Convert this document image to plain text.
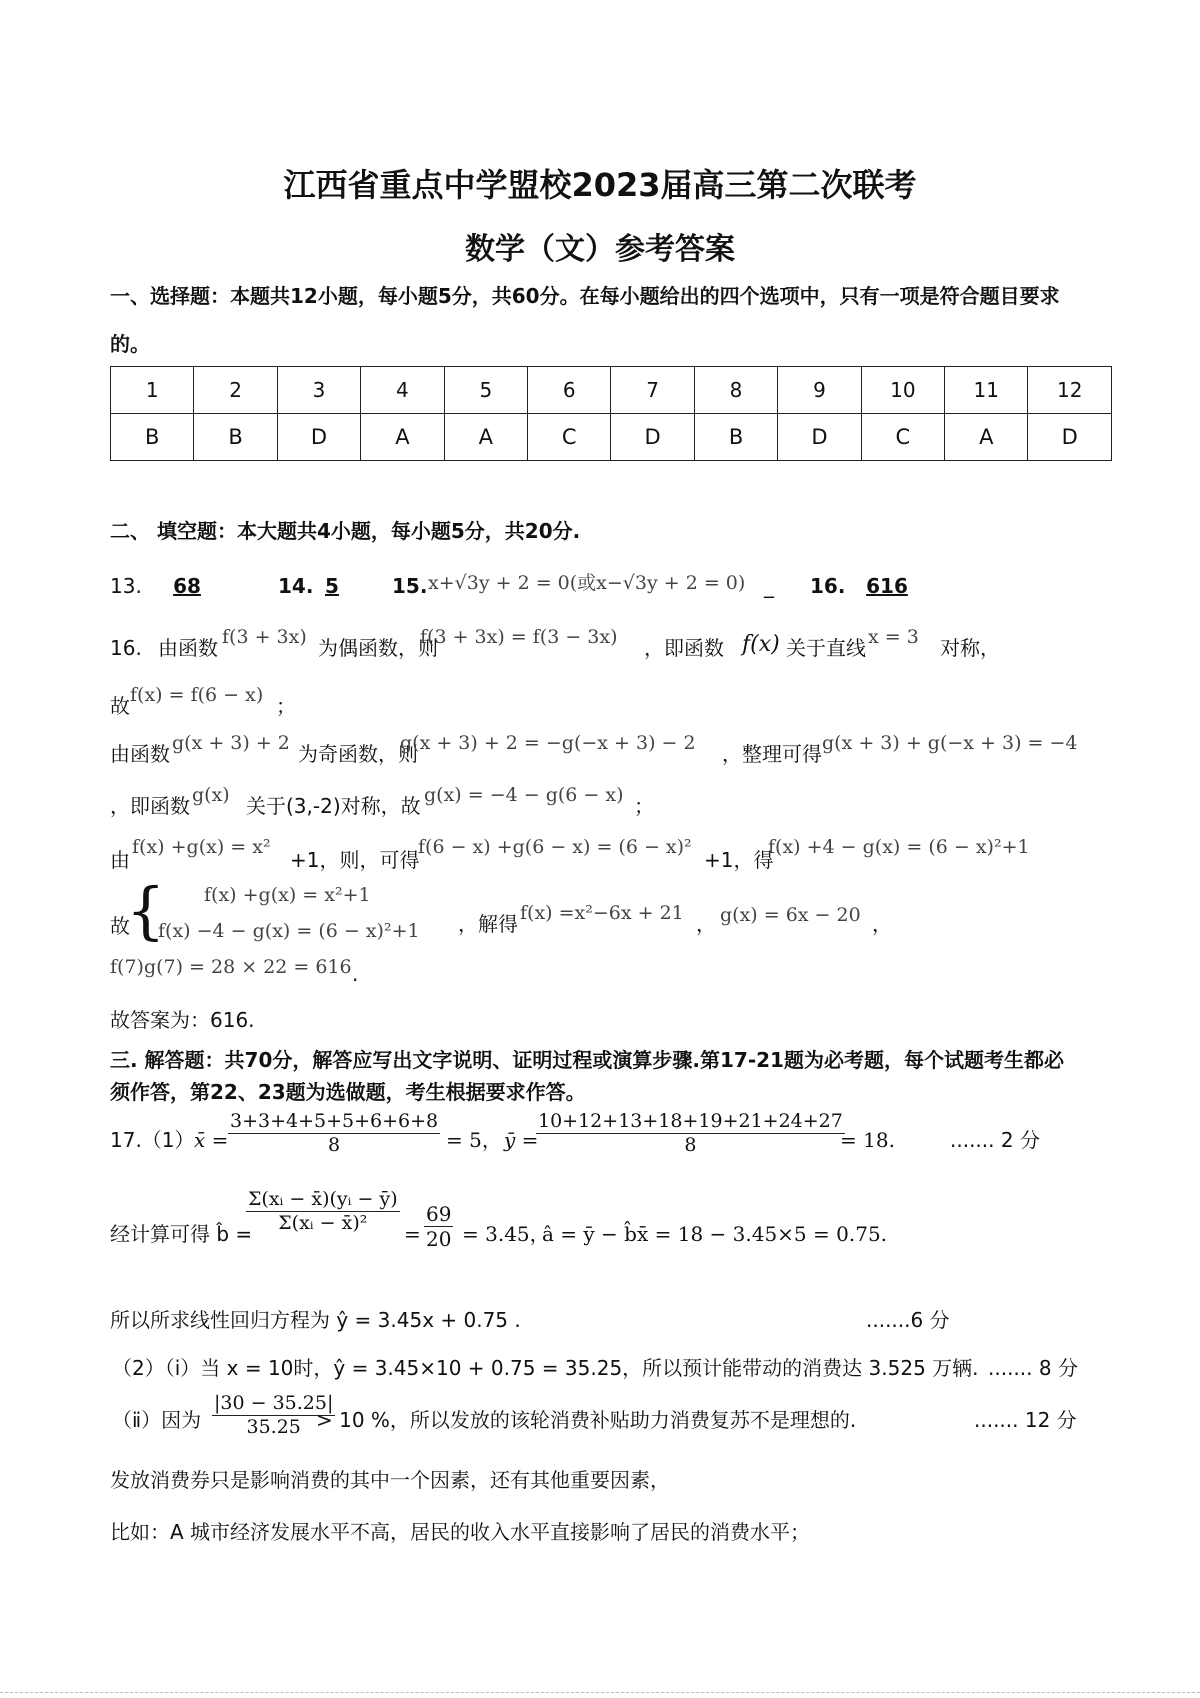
江西省重点中学盟校2023届高三第二次联考
数学（文）参考答案
一、选择题：本题共12小题，每小题5分，共60分。在每小题给出的四个选项中，只有一项是符合题目要求
的。
1	2	3	4	5	6	7	8	9	10	11	12
B	B	D	A	A	C	D	B	D	C	A	D
二、 填空题：本大题共4小题，每小题5分，共20分.
13.	68	14. 5	15. x+√3y + 2 = 0(或x−√3y + 2 = 0) _ 16.	616
16. 由函数 f(3 + 3x) 为偶函数，则
f(3 + 3x) = f(3 − 3x) ，即函数 f(x) 关于直线 x = 3 对称，
故 f(x) = f(6 − x) ；
由函数 g(x + 3) + 2 为奇函数，则
g(x + 3) + 2 = −g(−x + 3) − 2 ，整理可得 g(x + 3) + g(−x + 3) = −4
，即函数 g(x) 关于(3,-2)对称，故 g(x) = −4 − g(6 − x) ；
由
f(x) +g(x) = x²
+1，则，可得
f(6 − x) +g(6 − x) = (6 − x)²
+1，得
f(x) +4 − g(x) = (6 − x)²+1
故
{ f(x) +g(x) = x²+1
f(x) −4 − g(x) = (6 − x)²+1 ，解得 f(x) =x²−6x + 21 ， g(x) = 6x − 20 ，
f(7)g(7) = 28 × 22 = 616 .
故答案为：616.
三. 解答题：共70分，解答应写出文字说明、证明过程或演算步骤.第17-21题为必考题，每个试题考生都必
须作答，第22、23题为选做题，考生根据要求作答。
17.（1） x̄ = $\frac{3+3+4+5+5+6+6+8}{8} = 5$， ȳ =
$\frac{10+12+13+18+19+21+24+27}{8}$
= 18.	....... 2 分
经计算可得 b̂ =
$\frac{\text{Σ(xᵢ − x̄)(yᵢ − ȳ)}}{\text{Σ(xᵢ − x̄)²}} = \frac{69}{20} = 3.45$，
â = ȳ − b̂x̄ = 18 − 3.45×5 = 0.75.
所以所求线性回归方程为 ŷ = 3.45x + 0.75 .	.......6 分
（2）（ⅰ）当 x = 10时，ŷ = 3.45×10 + 0.75 = 35.25，所以预计能带动的消费达 3.525 万辆. ....... 8 分
（ⅱ）因为 $\frac{|30 - 35.25|}{35.25}$
> 10 %，所以发放的该轮消费补贴助力消费复苏不是理想的.	....... 12 分
发放消费券只是影响消费的其中一个因素，还有其他重要因素，
比如：A 城市经济发展水平不高，居民的收入水平直接影响了居民的消费水平；
